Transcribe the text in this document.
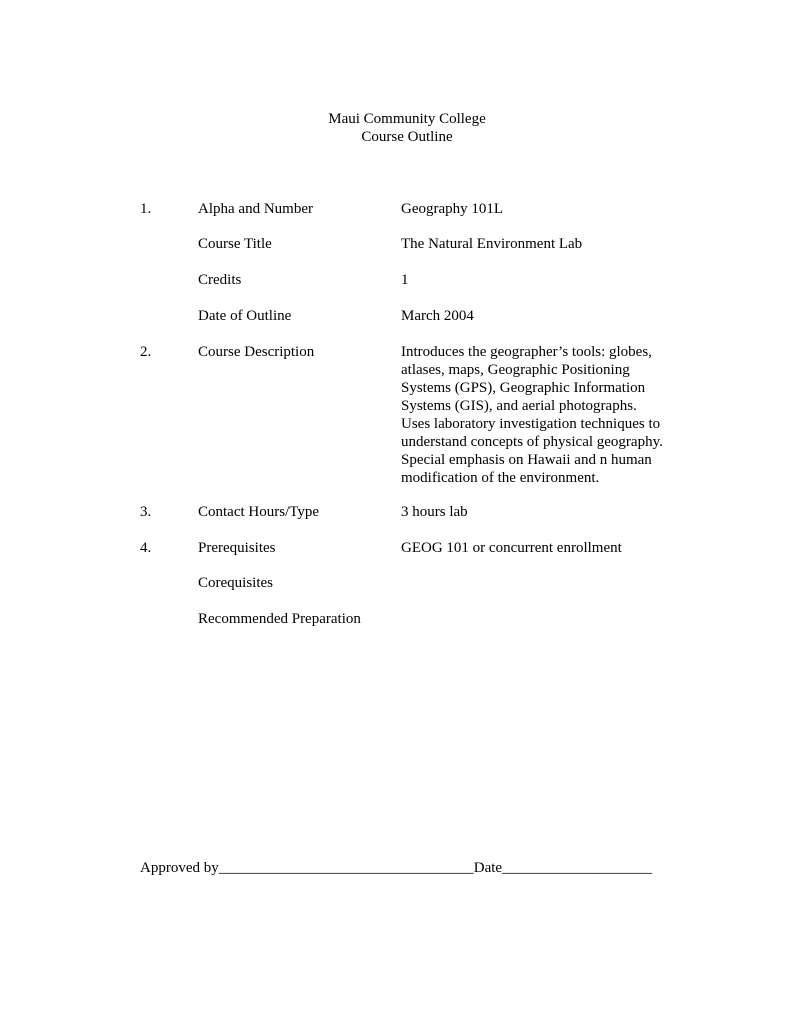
Maui Community College
Course Outline
1.	Alpha and Number	Geography 101L
Course Title	The Natural Environment Lab
Credits	1
Date of Outline	March 2004
2.	Course Description	Introduces the geographer’s tools: globes,
atlases, maps, Geographic Positioning
Systems (GPS), Geographic Information
Systems (GIS), and aerial photographs.
Uses laboratory investigation techniques to
understand concepts of physical geography.
Special emphasis on Hawaii and n human
modification of the environment.
3.	Contact Hours/Type	3 hours lab
4.	Prerequisites	GEOG 101 or concurrent enrollment
Corequisites
Recommended Preparation
Approved by__________________________________Date____________________
